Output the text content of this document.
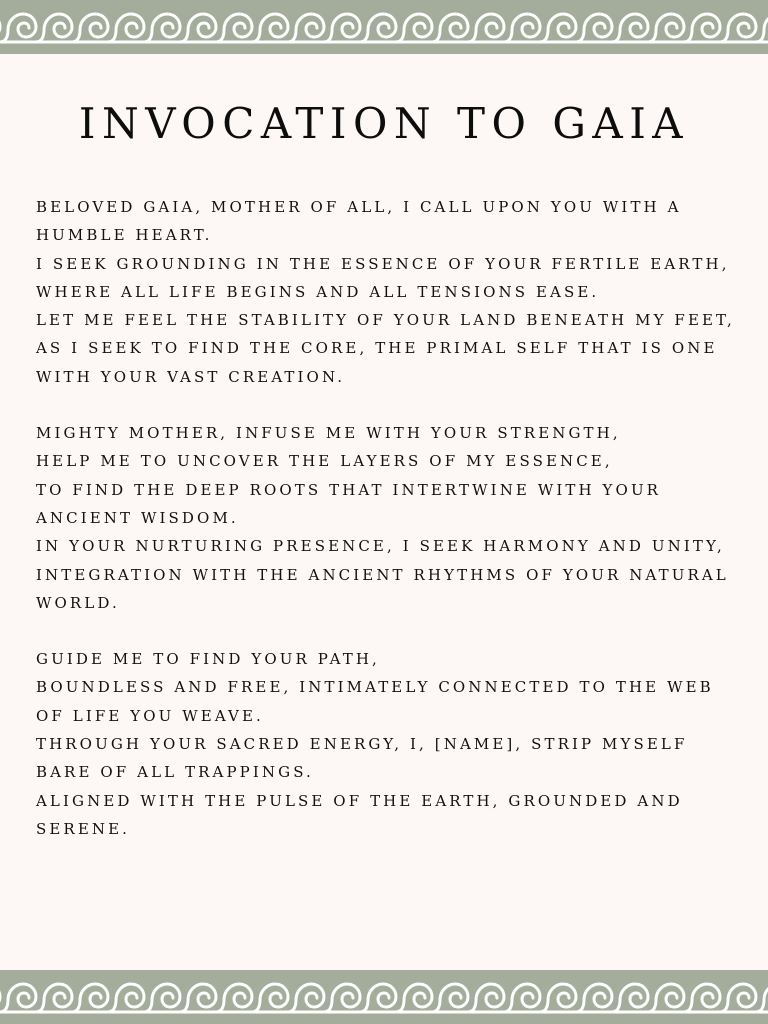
INVOCATION TO GAIA
BELOVED GAIA, MOTHER OF ALL, I CALL UPON YOU WITH A HUMBLE HEART.
I SEEK GROUNDING IN THE ESSENCE OF YOUR FERTILE EARTH, WHERE ALL LIFE BEGINS AND ALL TENSIONS EASE.
LET ME FEEL THE STABILITY OF YOUR LAND BENEATH MY FEET,
AS I SEEK TO FIND THE CORE, THE PRIMAL SELF THAT IS ONE WITH YOUR VAST CREATION.
MIGHTY MOTHER, INFUSE ME WITH YOUR STRENGTH,
HELP ME TO UNCOVER THE LAYERS OF MY ESSENCE,
TO FIND THE DEEP ROOTS THAT INTERTWINE WITH YOUR ANCIENT WISDOM.
IN YOUR NURTURING PRESENCE, I SEEK HARMONY AND UNITY,
INTEGRATION WITH THE ANCIENT RHYTHMS OF YOUR NATURAL WORLD.
GUIDE ME TO FIND YOUR PATH,
BOUNDLESS AND FREE, INTIMATELY CONNECTED TO THE WEB OF LIFE YOU WEAVE.
THROUGH YOUR SACRED ENERGY, I, [NAME], STRIP MYSELF BARE OF ALL TRAPPINGS.
ALIGNED WITH THE PULSE OF THE EARTH, GROUNDED AND SERENE.
